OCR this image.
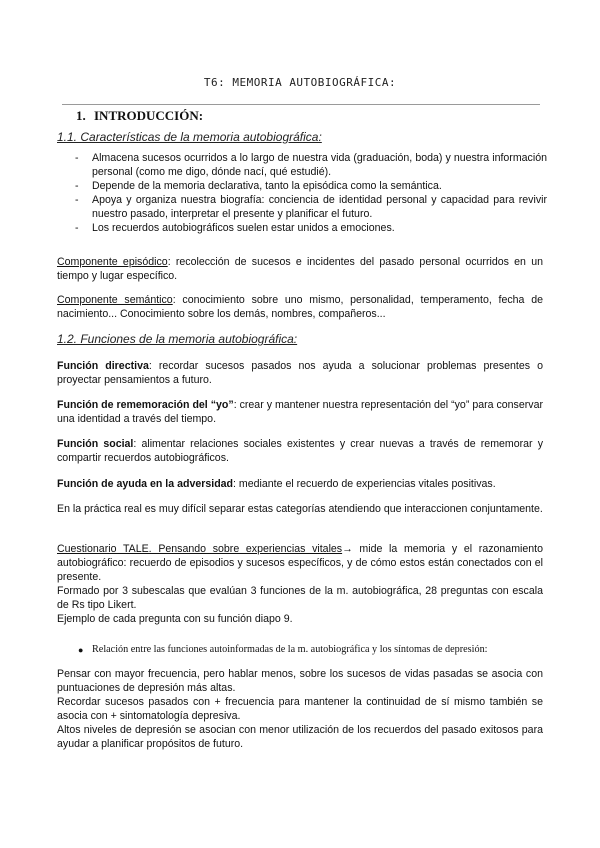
T6: MEMORIA AUTOBIOGRÁFICA:
1. INTRODUCCIÓN:
1.1. Características de la memoria autobiográfica:
- Almacena sucesos ocurridos a lo largo de nuestra vida (graduación, boda) y nuestra información personal (como me digo, dónde nací, qué estudié).
- Depende de la memoria declarativa, tanto la episódica como la semántica.
- Apoya y organiza nuestra biografía: conciencia de identidad personal y capacidad para revivir nuestro pasado, interpretar el presente y planificar el futuro.
- Los recuerdos autobiográficos suelen estar unidos a emociones.
Componente episódico: recolección de sucesos e incidentes del pasado personal ocurridos en un tiempo y lugar específico.
Componente semántico: conocimiento sobre uno mismo, personalidad, temperamento, fecha de nacimiento... Conocimiento sobre los demás, nombres, compañeros...
1.2. Funciones de la memoria autobiográfica:
Función directiva: recordar sucesos pasados nos ayuda a solucionar problemas presentes o proyectar pensamientos a futuro.
Función de rememoración del “yo”: crear y mantener nuestra representación del “yo” para conservar una identidad a través del tiempo.
Función social: alimentar relaciones sociales existentes y crear nuevas a través de rememorar y compartir recuerdos autobiográficos.
Función de ayuda en la adversidad: mediante el recuerdo de experiencias vitales positivas.
En la práctica real es muy difícil separar estas categorías atendiendo que interaccionen conjuntamente.
Cuestionario TALE. Pensando sobre experiencias vitales→ mide la memoria y el razonamiento autobiográfico: recuerdo de episodios y sucesos específicos, y de cómo estos están conectados con el presente.
Formado por 3 subescalas que evalúan 3 funciones de la m. autobiográfica, 28 preguntas con escala de Rs tipo Likert.
Ejemplo de cada pregunta con su función diapo 9.
● Relación entre las funciones autoinformadas de la m. autobiográfica y los síntomas de depresión:
Pensar con mayor frecuencia, pero hablar menos, sobre los sucesos de vidas pasadas se asocia con puntuaciones de depresión más altas.
Recordar sucesos pasados con + frecuencia para mantener la continuidad de sí mismo también se asocia con + sintomatología depresiva.
Altos niveles de depresión se asocian con menor utilización de los recuerdos del pasado exitosos para ayudar a planificar propósitos de futuro.
